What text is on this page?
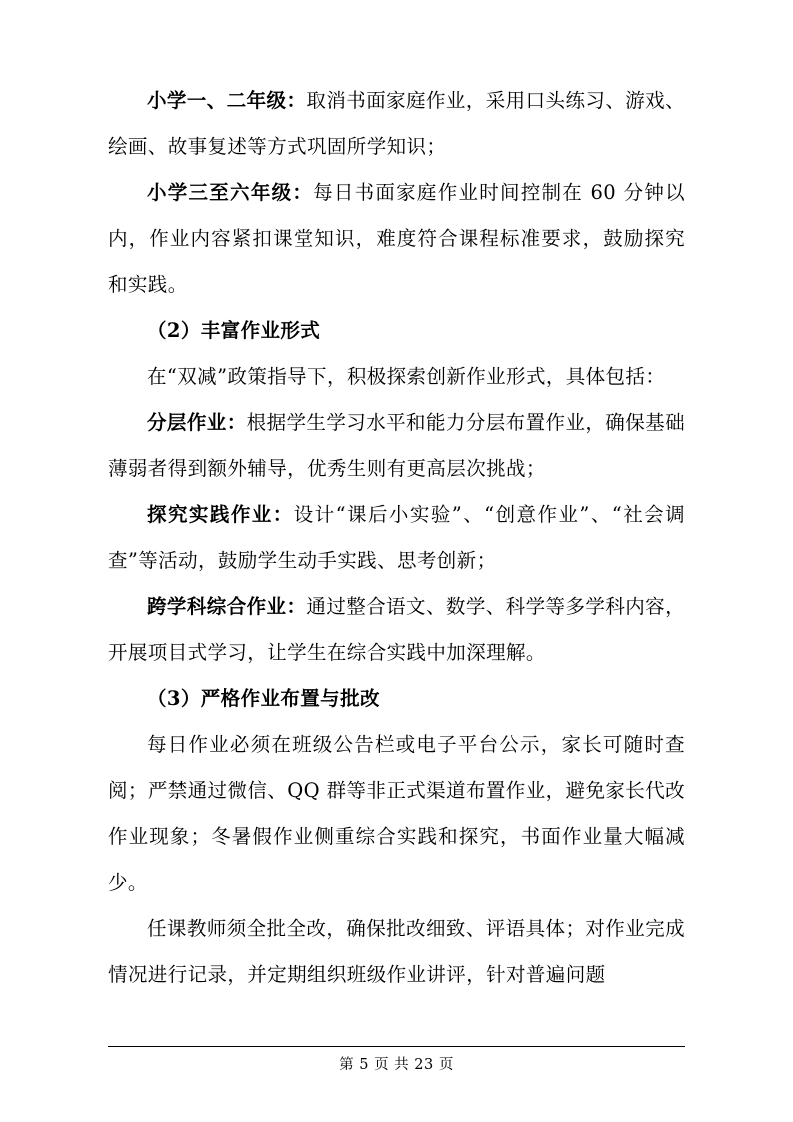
小学一、二年级：取消书面家庭作业，采用口头练习、游戏、绘画、故事复述等方式巩固所学知识；

小学三至六年级：每日书面家庭作业时间控制在 60 分钟以内，作业内容紧扣课堂知识，难度符合课程标准要求，鼓励探究和实践。

（2）丰富作业形式

在“双减”政策指导下，积极探索创新作业形式，具体包括：

分层作业：根据学生学习水平和能力分层布置作业，确保基础薄弱者得到额外辅导，优秀生则有更高层次挑战；

探究实践作业：设计“课后小实验”、“创意作业”、“社会调查”等活动，鼓励学生动手实践、思考创新；

跨学科综合作业：通过整合语文、数学、科学等多学科内容，开展项目式学习，让学生在综合实践中加深理解。

（3）严格作业布置与批改

每日作业必须在班级公告栏或电子平台公示，家长可随时查阅；严禁通过微信、QQ 群等非正式渠道布置作业，避免家长代改作业现象；冬暑假作业侧重综合实践和探究，书面作业量大幅减少。

任课教师须全批全改，确保批改细致、评语具体；对作业完成情况进行记录，并定期组织班级作业讲评，针对普遍问题

第 5 页 共 23 页
